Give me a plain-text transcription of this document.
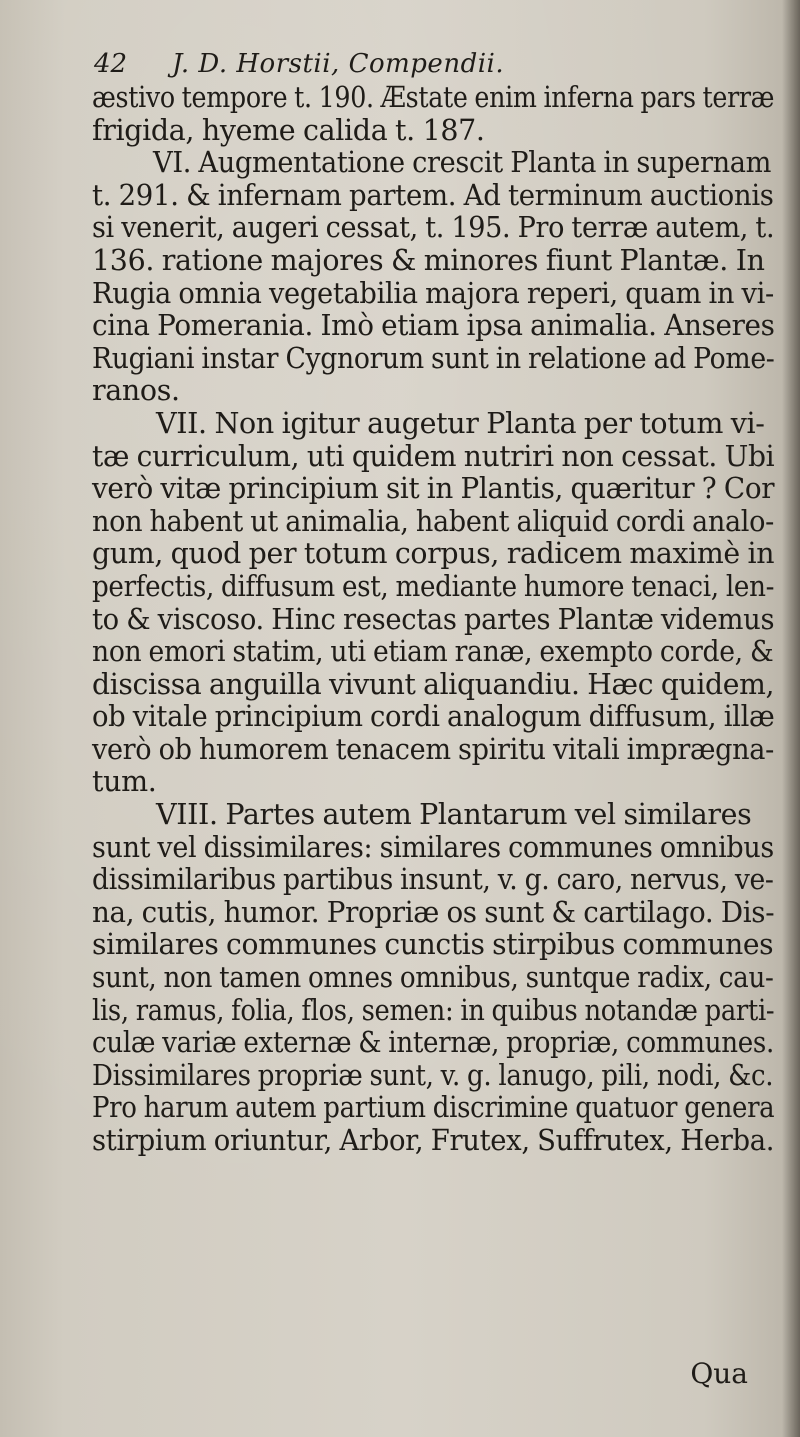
42 J. D. Horstii, Compendii.
æstivo tempore t. 190. Æstate enim inferna pars terræ
frigida, hyeme calida t. 187.
VI. Augmentatione crescit Planta in supernam
t. 291. & infernam partem. Ad terminum auctionis
si venerit, augeri cessat, t. 195. Pro terræ autem, t.
136. ratione majores & minores fiunt Plantæ. In
Rugia omnia vegetabilia majora reperi, quam in vi-
cina Pomerania. Imò etiam ipsa animalia. Anseres
Rugiani instar Cygnorum sunt in relatione ad Pome-
ranos.
VII. Non igitur augetur Planta per totum vi-
tæ curriculum, uti quidem nutriri non cessat. Ubi
verò vitæ principium sit in Plantis, quæritur ? Cor
non habent ut animalia, habent aliquid cordi analo-
gum, quod per totum corpus, radicem maximè in
perfectis, diffusum est, mediante humore tenaci, len-
to & viscoso. Hinc resectas partes Plantæ videmus
non emori statim, uti etiam ranæ, exempto corde, &
discissa anguilla vivunt aliquandiu. Hæc quidem,
ob vitale principium cordi analogum diffusum, illæ
verò ob humorem tenacem spiritu vitali imprægna-
tum.
VIII. Partes autem Plantarum vel similares
sunt vel dissimilares: similares communes omnibus
dissimilaribus partibus insunt, v. g. caro, nervus, ve-
na, cutis, humor. Propriæ os sunt & cartilago. Dis-
similares communes cunctis stirpibus communes
sunt, non tamen omnes omnibus, suntque radix, cau-
lis, ramus, folia, flos, semen: in quibus notandæ parti-
culæ variæ externæ & internæ, propriæ, communes.
Dissimilares propriæ sunt, v. g. lanugo, pili, nodi, &c.
Pro harum autem partium discrimine quatuor genera
stirpium oriuntur, Arbor, Frutex, Suffrutex, Herba.
Qua
